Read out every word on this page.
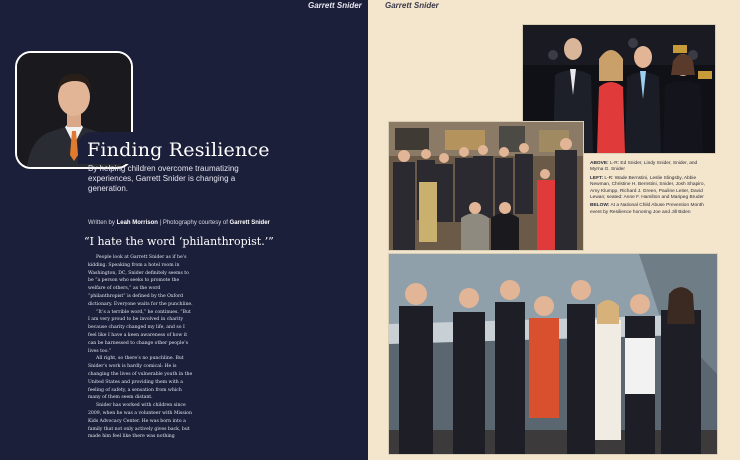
Garrett Snider
Finding Resilience
By helping children overcome traumatizing experiences, Garrett Snider is changing a generation.
Written by Leah Morrison | Photography courtesy of Garrett Snider
“I hate the word ‘philanthropist.’”

People look at Garrett Snider as if he’s kidding. Speaking from a hotel room in Washington, DC, Snider definitely seems to be “a person who seeks to promote the welfare of others,” as the word “philanthropist” is defined by the Oxford dictionary. Everyone waits for the punchline.

“It’s a terrible word,” he continues. “But I am very proud to be involved in charity because charity changed my life, and so I feel like I have a keen awareness of how it can be harnessed to change other people’s lives too.”

All right, so there’s no punchline. But Snider’s work is hardly comical: He is changing the lives of vulnerable youth in the United States and providing them with a feeling of safety, a sensation from which many of them seem distant.

Snider has worked with children since 2009, when he was a volunteer with Mission Kids Advocacy Center. He was born into a family that not only actively gives back, but made him feel like there was nothing

Garrett Snider

ABOVE: L-R: Ed Snider, Lindy Snider, Snider, and Myrna G. Snider

LEFT: L-R: Wade Bernstini, Leslie Slingsby, Abbie Newman, Christine H. Bernstini, Snider, Josh Shapiro, Amy Klumpp, Richard J. Green, Pauline Leiter, David Lewan; seated: Anne F. Hamilton and Maripeg Bruder

BELOW: At a National Child Abuse Prevention Month event by Resilience honoring Joe and Jill Biden
